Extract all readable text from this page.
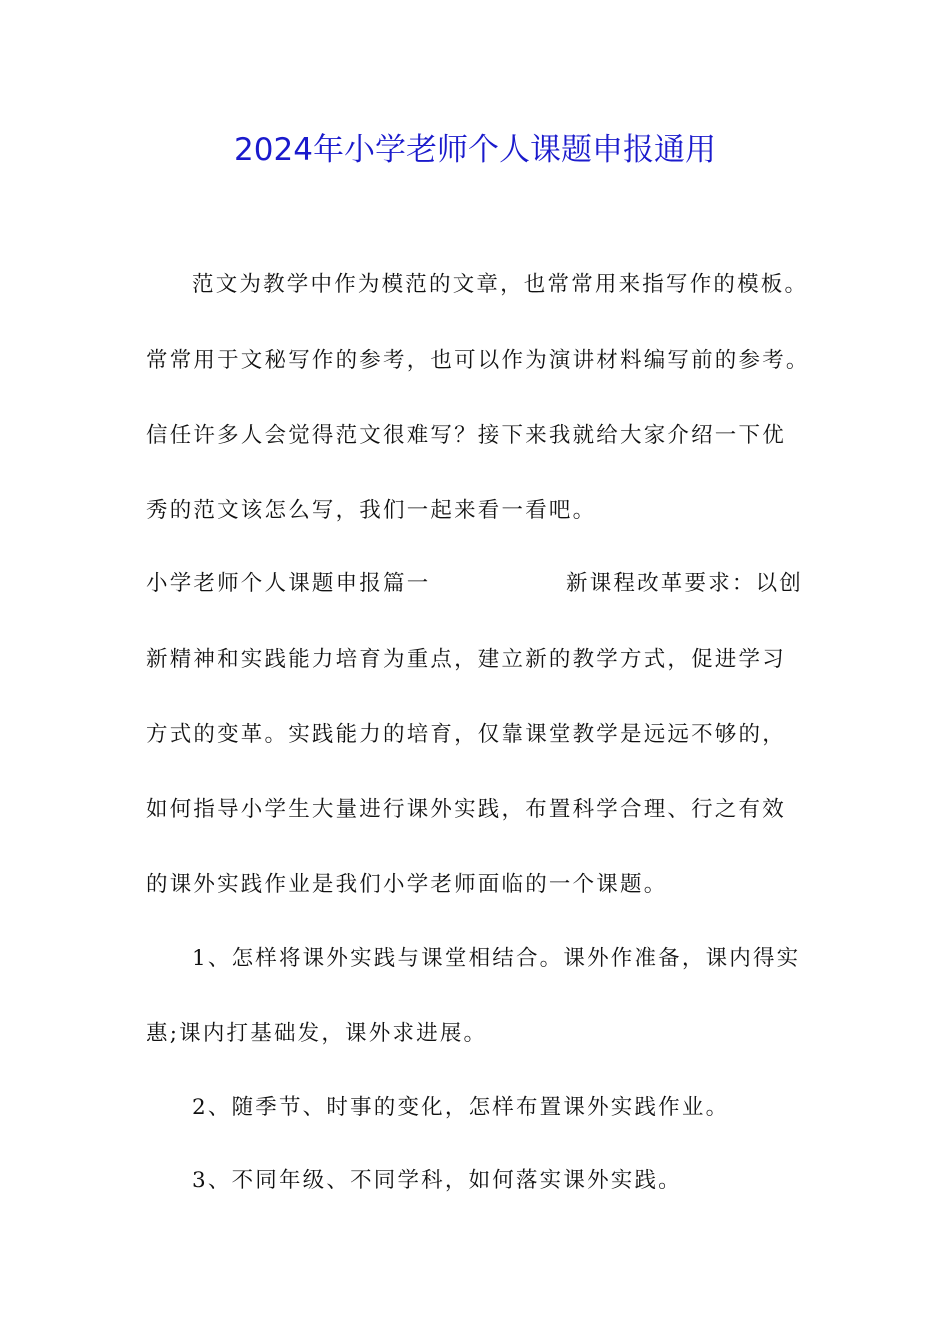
2024年小学老师个人课题申报通用
范文为教学中作为模范的文章，也常常用来指写作的模板。
常常用于文秘写作的参考，也可以作为演讲材料编写前的参考。
信任许多人会觉得范文很难写？接下来我就给大家介绍一下优
秀的范文该怎么写，我们一起来看一看吧。
小学老师个人课题申报篇一	新课程改革要求：以创
新精神和实践能力培育为重点，建立新的教学方式，促进学习
方式的变革。实践能力的培育，仅靠课堂教学是远远不够的，
如何指导小学生大量进行课外实践，布置科学合理、行之有效
的课外实践作业是我们小学老师面临的一个课题。
1、怎样将课外实践与课堂相结合。课外作准备，课内得实
惠;课内打基础发，课外求进展。
2、随季节、时事的变化，怎样布置课外实践作业。
3、不同年级、不同学科，如何落实课外实践。
